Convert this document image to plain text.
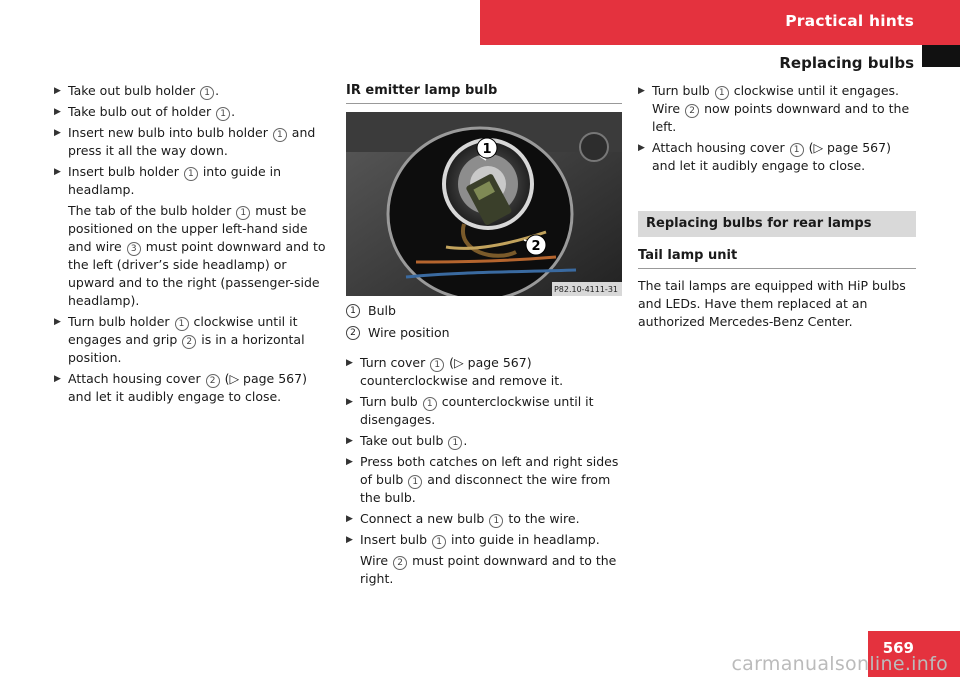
Practical hints
Replacing bulbs
▶ Take out bulb holder 1 .
▶ Take bulb out of holder 1 .
▶ Insert new bulb into bulb holder 1 and press it all the way down.
▶ Insert bulb holder 1 into guide in headlamp.
The tab of the bulb holder 1 must be positioned on the upper left-hand side and wire 3 must point downward and to the left (driver’s side headlamp) or upward and to the right (passenger-side headlamp).
▶ Turn bulb holder 1 clockwise until it engages and grip 2 is in a horizontal position.
▶ Attach housing cover 2 (▷ page 567) and let it audibly engage to close.
IR emitter lamp bulb
1
2
P82.10-4111-31
1 Bulb
2 Wire position
▶ Turn cover 1 (▷ page 567) counterclockwise and remove it.
▶ Turn bulb 1 counterclockwise until it disengages.
▶ Take out bulb 1 .
▶ Press both catches on left and right sides of bulb 1 and disconnect the wire from the bulb.
▶ Connect a new bulb 1 to the wire.
▶ Insert bulb 1 into guide in headlamp.
Wire 2 must point downward and to the right.
▶ Turn bulb 1 clockwise until it engages. Wire 2 now points downward and to the left.
▶ Attach housing cover 1 (▷ page 567) and let it audibly engage to close.
Replacing bulbs for rear lamps
Tail lamp unit
The tail lamps are equipped with HiP bulbs and LEDs. Have them replaced at an authorized Mercedes-Benz Center.
569
carmanualsonline.info
